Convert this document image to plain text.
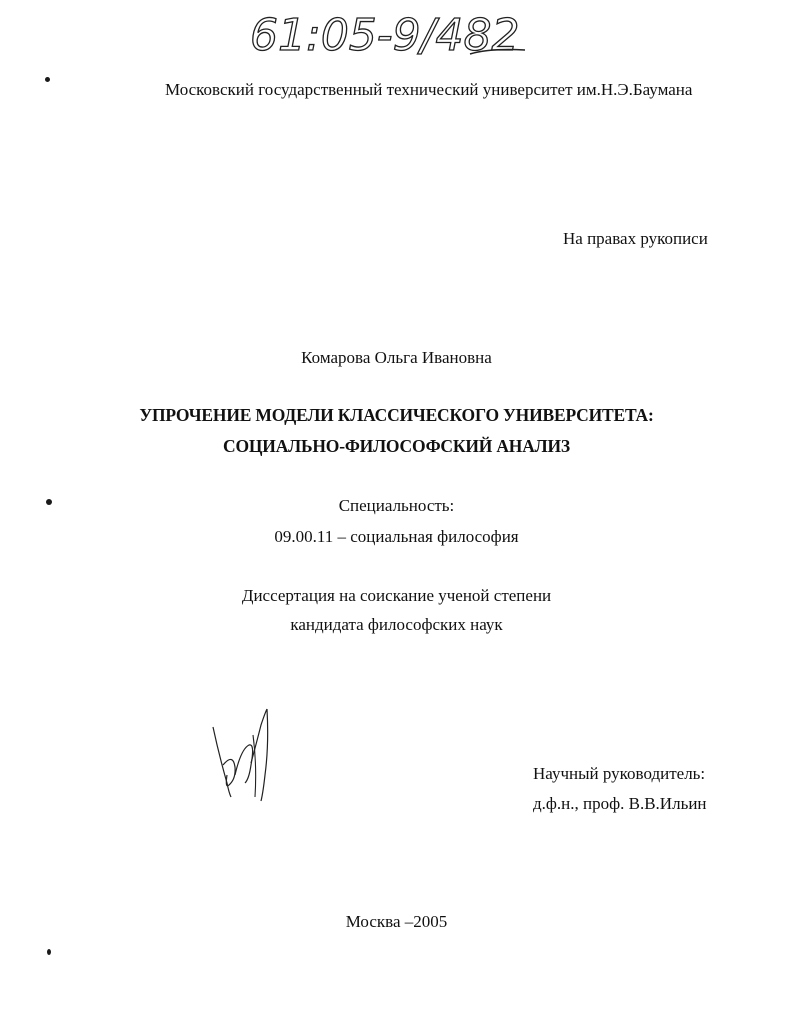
61:05-9/482
Московский государственный технический университет им.Н.Э.Баумана
На правах рукописи
Комарова Ольга Ивановна
УПРОЧЕНИЕ МОДЕЛИ КЛАССИЧЕСКОГО УНИВЕРСИТЕТА:
СОЦИАЛЬНО-ФИЛОСОФСКИЙ АНАЛИЗ
Специальность:
09.00.11 – социальная философия
Диссертация на соискание ученой степени
кандидата философских наук
Научный руководитель:
д.ф.н., проф. В.В.Ильин
Москва –2005
